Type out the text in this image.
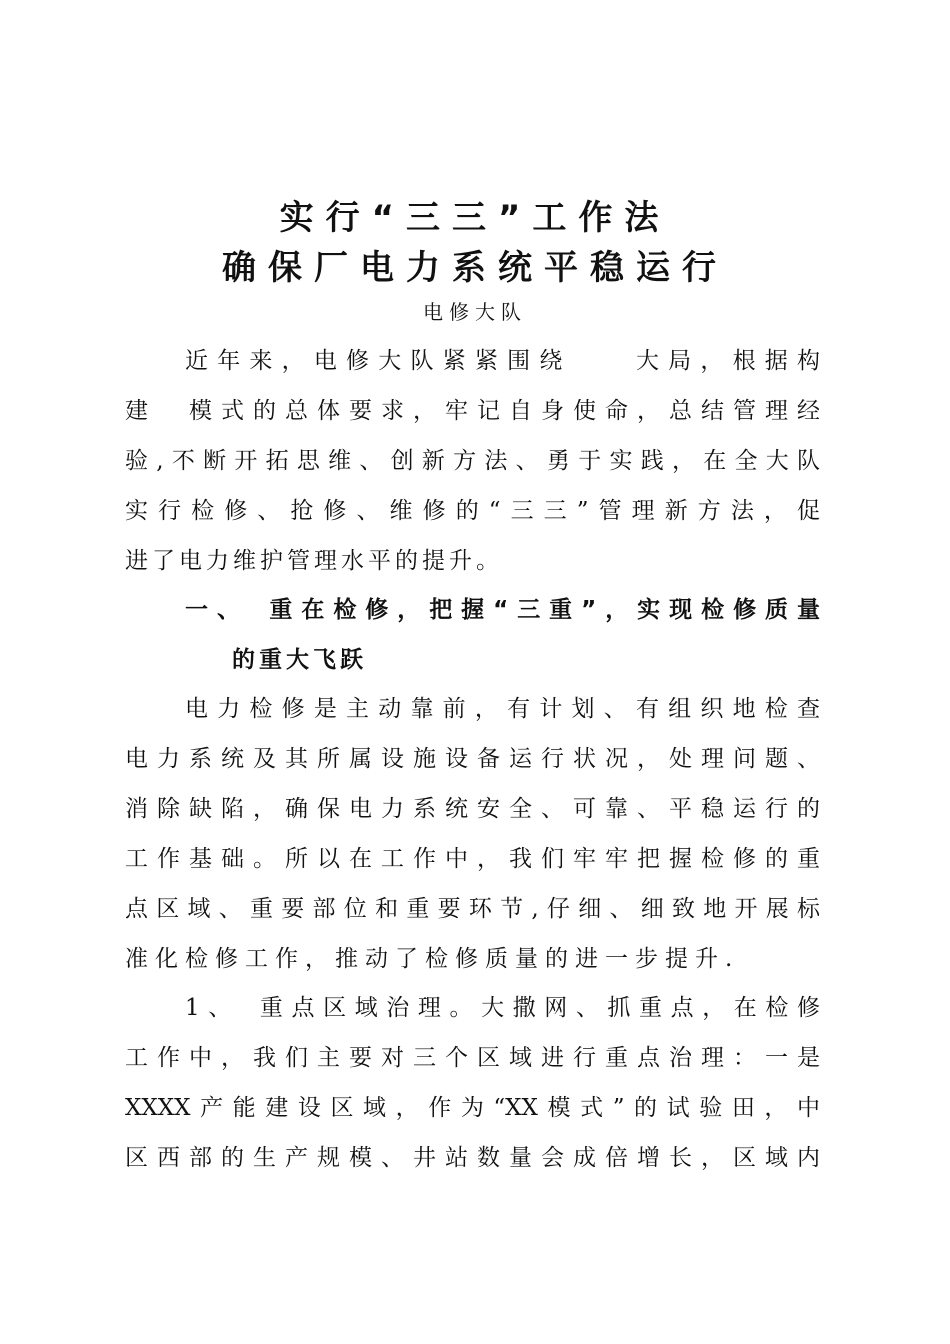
实行“三三”工作法
确保厂电力系统平稳运行
电修大队
近年来，电修大队紧紧围绕　　大局，根据构
建　模式的总体要求，牢记自身使命，总结管理经
验,不断开拓思维、创新方法、勇于实践，在全大队
实行检修、抢修、维修的“三三”管理新方法，促
进了电力维护管理水平的提升。
一、　重在检修，把握“三重”，实现检修质量
的重大飞跃
电力检修是主动靠前，有计划、有组织地检查
电力系统及其所属设施设备运行状况，处理问题、
消除缺陷，确保电力系统安全、可靠、平稳运行的
工作基础。所以在工作中，我们牢牢把握检修的重
点区域、重要部位和重要环节,仔细、细致地开展标
准化检修工作，推动了检修质量的进一步提升.
1、　重点区域治理。大撒网、抓重点，在检修
工作中，我们主要对三个区域进行重点治理：一是
XXXX产能建设区域，作为“XX模式”的试验田，中
区西部的生产规模、井站数量会成倍增长，区域内
